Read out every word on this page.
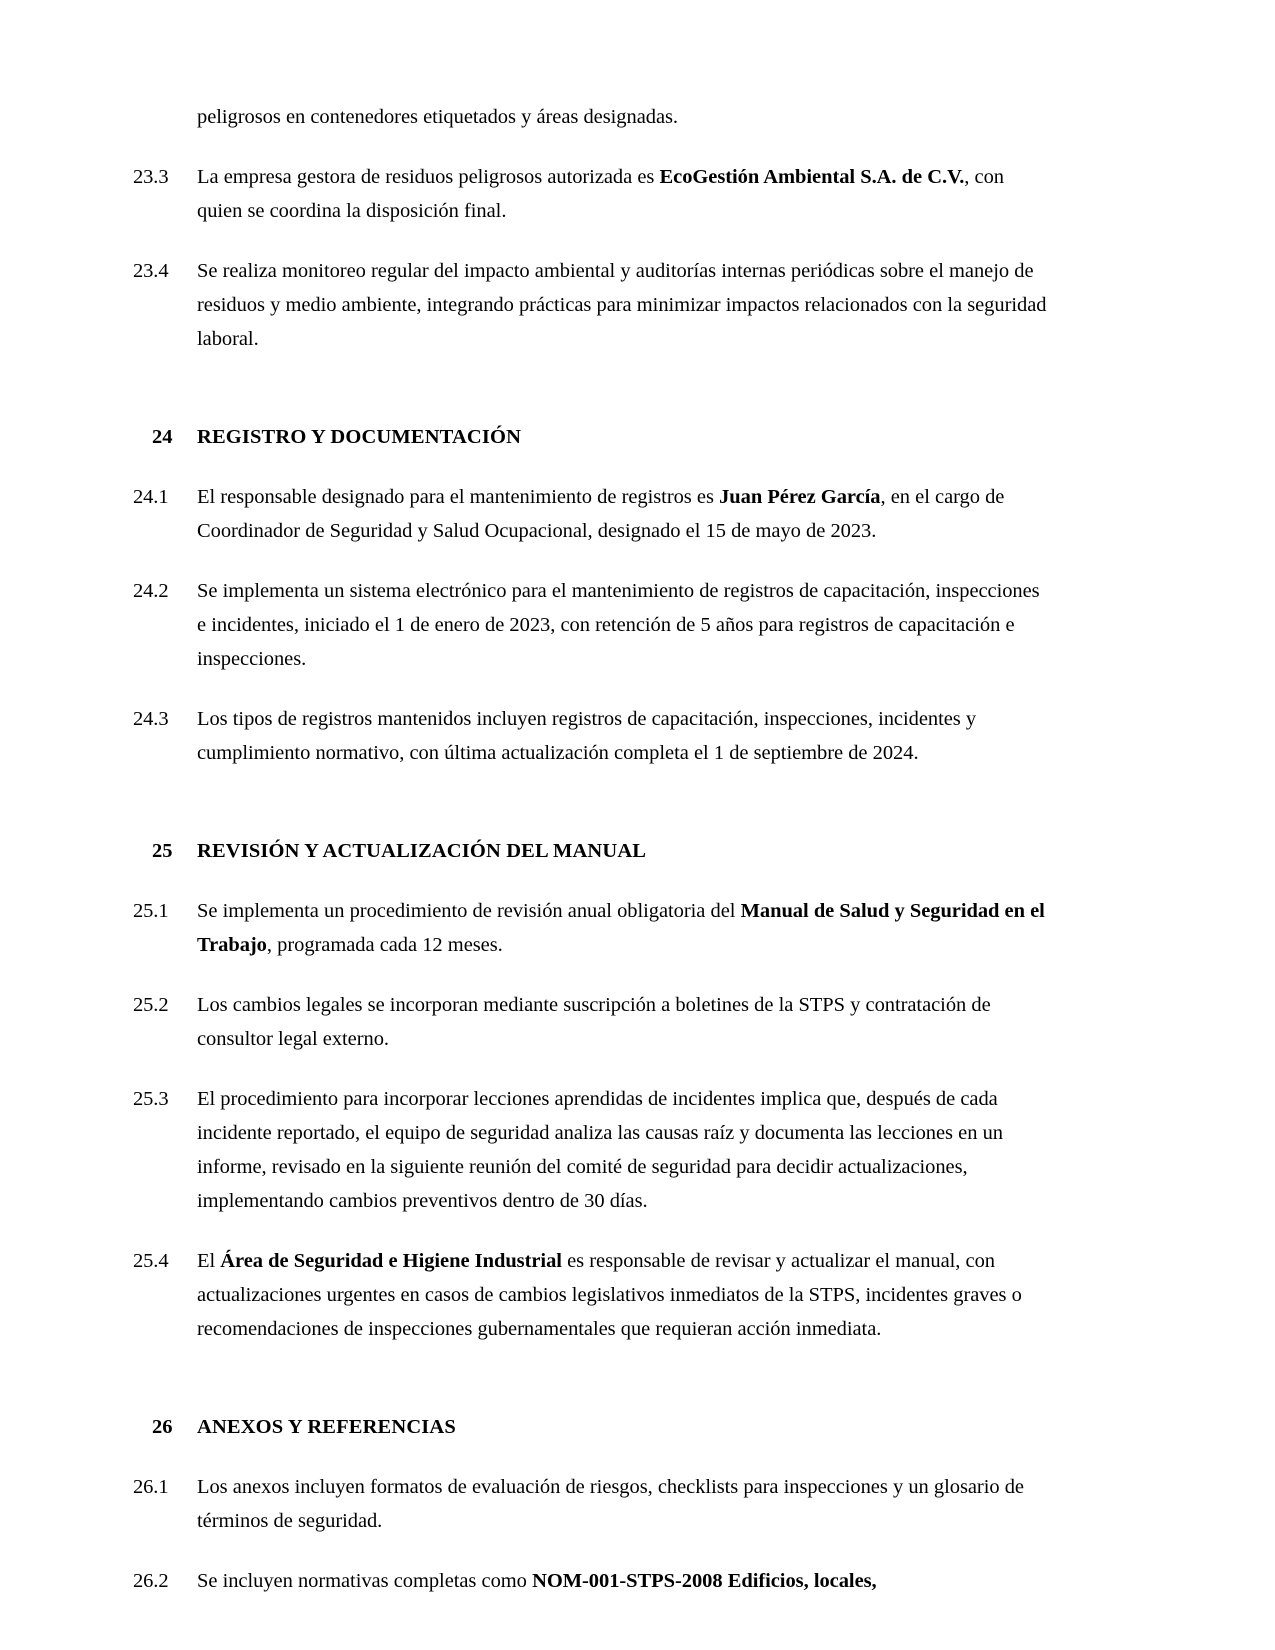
peligrosos en contenedores etiquetados y áreas designadas.
23.3	La empresa gestora de residuos peligrosos autorizada es EcoGestión Ambiental S.A. de C.V., con quien se coordina la disposición final.
23.4	Se realiza monitoreo regular del impacto ambiental y auditorías internas periódicas sobre el manejo de residuos y medio ambiente, integrando prácticas para minimizar impactos relacionados con la seguridad laboral.
24	REGISTRO Y DOCUMENTACIÓN
24.1	El responsable designado para el mantenimiento de registros es Juan Pérez García, en el cargo de Coordinador de Seguridad y Salud Ocupacional, designado el 15 de mayo de 2023.
24.2	Se implementa un sistema electrónico para el mantenimiento de registros de capacitación, inspecciones e incidentes, iniciado el 1 de enero de 2023, con retención de 5 años para registros de capacitación e inspecciones.
24.3	Los tipos de registros mantenidos incluyen registros de capacitación, inspecciones, incidentes y cumplimiento normativo, con última actualización completa el 1 de septiembre de 2024.
25	REVISIÓN Y ACTUALIZACIÓN DEL MANUAL
25.1	Se implementa un procedimiento de revisión anual obligatoria del Manual de Salud y Seguridad en el Trabajo, programada cada 12 meses.
25.2	Los cambios legales se incorporan mediante suscripción a boletines de la STPS y contratación de consultor legal externo.
25.3	El procedimiento para incorporar lecciones aprendidas de incidentes implica que, después de cada incidente reportado, el equipo de seguridad analiza las causas raíz y documenta las lecciones en un informe, revisado en la siguiente reunión del comité de seguridad para decidir actualizaciones, implementando cambios preventivos dentro de 30 días.
25.4	El Área de Seguridad e Higiene Industrial es responsable de revisar y actualizar el manual, con actualizaciones urgentes en casos de cambios legislativos inmediatos de la STPS, incidentes graves o recomendaciones de inspecciones gubernamentales que requieran acción inmediata.
26	ANEXOS Y REFERENCIAS
26.1	Los anexos incluyen formatos de evaluación de riesgos, checklists para inspecciones y un glosario de términos de seguridad.
26.2	Se incluyen normativas completas como NOM-001-STPS-2008 Edificios, locales,
